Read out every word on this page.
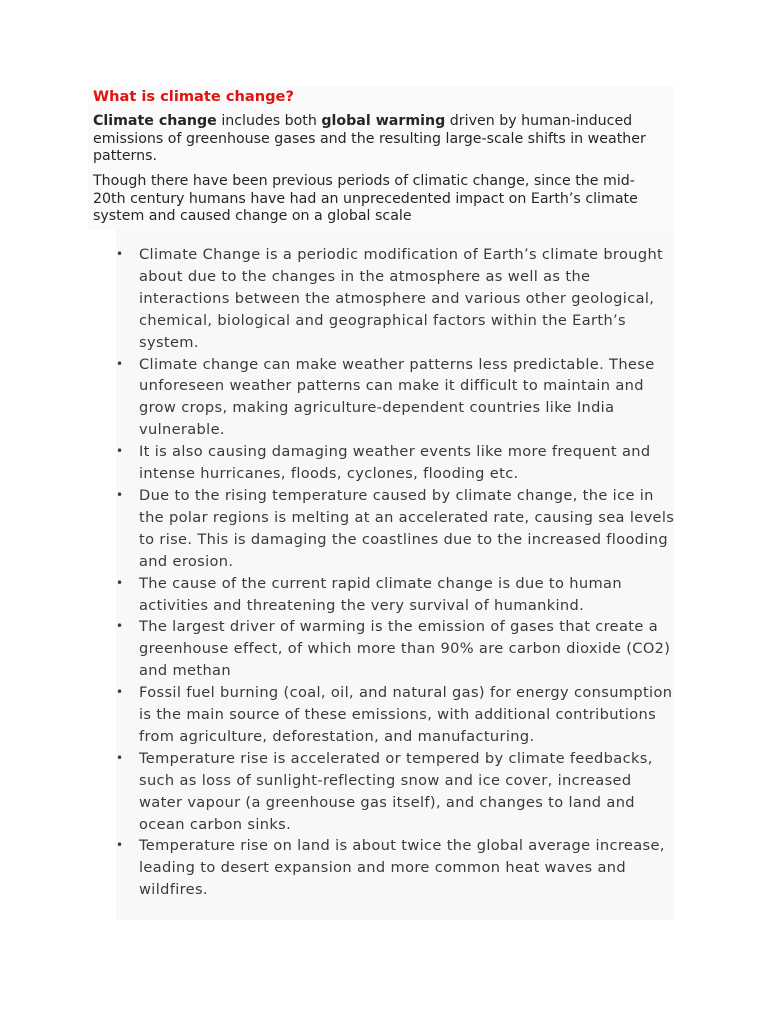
What is climate change?

Climate change includes both global warming driven by human-induced emissions of greenhouse gases and the resulting large-scale shifts in weather patterns.

Though there have been previous periods of climatic change, since the mid-20th century humans have had an unprecedented impact on Earth’s climate system and caused change on a global scale

• Climate Change is a periodic modification of Earth’s climate brought about due to the changes in the atmosphere as well as the interactions between the atmosphere and various other geological, chemical, biological and geographical factors within the Earth’s system.
• Climate change can make weather patterns less predictable. These unforeseen weather patterns can make it difficult to maintain and grow crops, making agriculture-dependent countries like India vulnerable.
• It is also causing damaging weather events like more frequent and intense hurricanes, floods, cyclones, flooding etc.
• Due to the rising temperature caused by climate change, the ice in the polar regions is melting at an accelerated rate, causing sea levels to rise. This is damaging the coastlines due to the increased flooding and erosion.
• The cause of the current rapid climate change is due to human activities and threatening the very survival of humankind.
• The largest driver of warming is the emission of gases that create a greenhouse effect, of which more than 90% are carbon dioxide (CO2) and methan
• Fossil fuel burning (coal, oil, and natural gas) for energy consumption is the main source of these emissions, with additional contributions from agriculture, deforestation, and manufacturing.
• Temperature rise is accelerated or tempered by climate feedbacks, such as loss of sunlight-reflecting snow and ice cover, increased water vapour (a greenhouse gas itself), and changes to land and ocean carbon sinks.
• Temperature rise on land is about twice the global average increase, leading to desert expansion and more common heat waves and wildfires.
